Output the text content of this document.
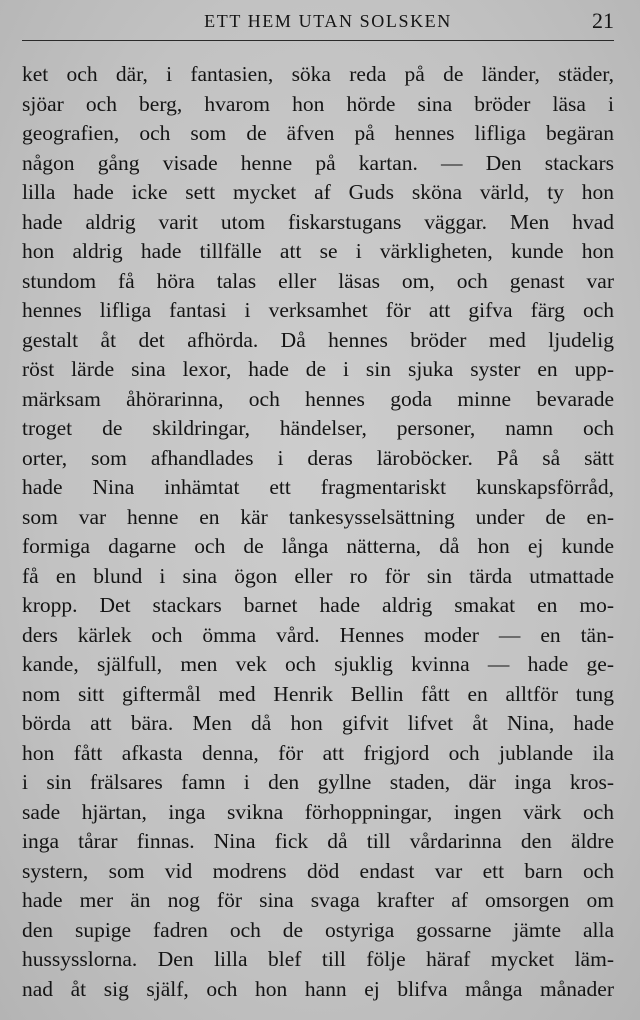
ETT HEM UTAN SOLSKEN	21
ket och där, i fantasien, söka reda på de länder, städer,
sjöar och berg, hvarom hon hörde sina bröder läsa i
geografien, och som de äfven på hennes lifliga begäran
någon gång visade henne på kartan. — Den stackars
lilla hade icke sett mycket af Guds sköna värld, ty hon
hade aldrig varit utom fiskarstugans väggar. Men hvad
hon aldrig hade tillfälle att se i värkligheten, kunde hon
stundom få höra talas eller läsas om, och genast var
hennes lifliga fantasi i verksamhet för att gifva färg och
gestalt åt det afhörda. Då hennes bröder med ljudelig
röst lärde sina lexor, hade de i sin sjuka syster en upp-
märksam åhörarinna, och hennes goda minne bevarade
troget de skildringar, händelser, personer, namn och
orter, som afhandlades i deras läroböcker. På så sätt
hade Nina inhämtat ett fragmentariskt kunskapsförråd,
som var henne en kär tankesysselsättning under de en-
formiga dagarne och de långa nätterna, då hon ej kunde
få en blund i sina ögon eller ro för sin tärda utmattade
kropp. Det stackars barnet hade aldrig smakat en mo-
ders kärlek och ömma vård. Hennes moder — en tän-
kande, själfull, men vek och sjuklig kvinna — hade ge-
nom sitt giftermål med Henrik Bellin fått en alltför tung
börda att bära. Men då hon gifvit lifvet åt Nina, hade
hon fått afkasta denna, för att frigjord och jublande ila
i sin frälsares famn i den gyllne staden, där inga kros-
sade hjärtan, inga svikna förhoppningar, ingen värk och
inga tårar finnas. Nina fick då till vårdarinna den äldre
systern, som vid modrens död endast var ett barn och
hade mer än nog för sina svaga krafter af omsorgen om
den supige fadren och de ostyriga gossarne jämte alla
hussysslorna. Den lilla blef till följe häraf mycket läm-
nad åt sig själf, och hon hann ej blifva många månader
